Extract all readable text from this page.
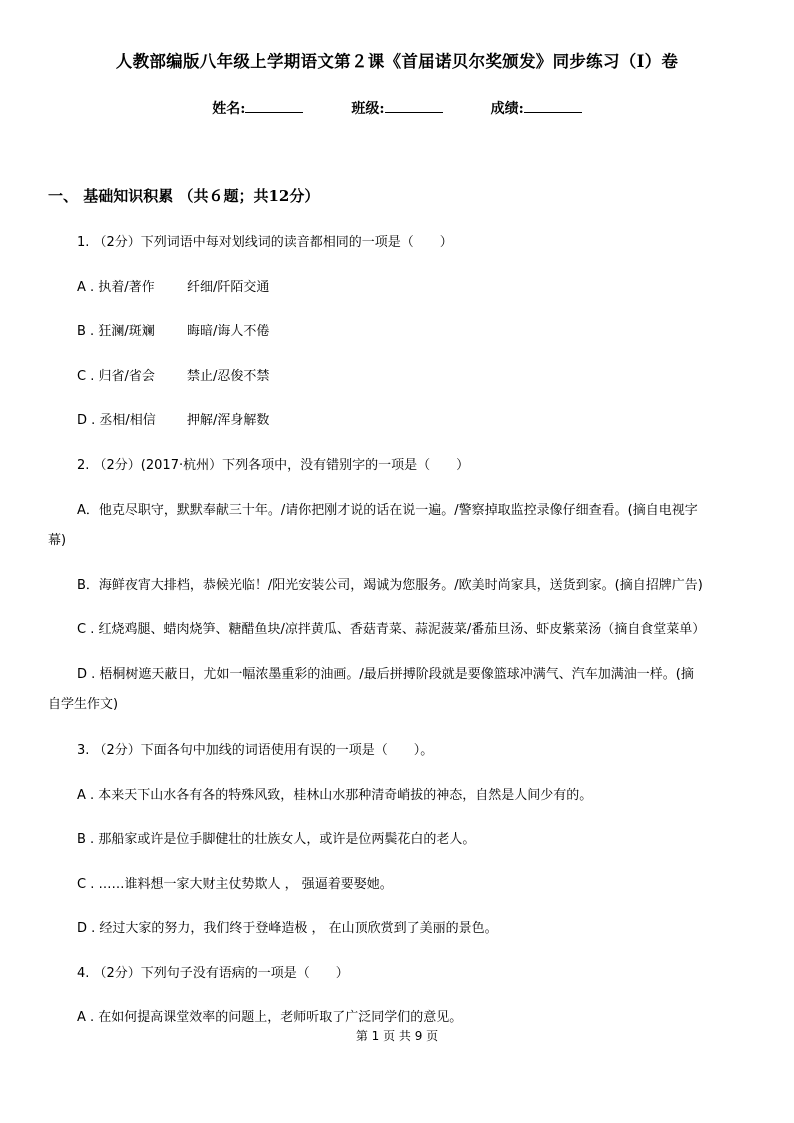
人教部编版八年级上学期语文第２课《首届诺贝尔奖颁发》同步练习（I）卷
姓名:	班级:	成绩:
一、 基础知识积累 （共６题；共12分）
1. （2分）下列词语中每对划线词的读音都相同的一项是（　　）
A . 执着/著作 纤细/阡陌交通
B . 狂澜/斑斓 晦暗/诲人不倦
C . 归省/省会 禁止/忍俊不禁
D . 丞相/相信 押解/浑身解数
2. （2分）(2017·杭州）下列各项中，没有错别字的一项是（　　）
A．他克尽职守，默默奉献三十年。/请你把刚才说的话在说一遍。/警察掉取监控录像仔细查看。(摘自电视字
幕)
B．海鲜夜宵大排档，恭候光临！/阳光安装公司，竭诚为您服务。/欧美时尚家具，送货到家。(摘自招牌广告)
C . 红烧鸡腿、蜡肉烧笋、糖醋鱼块/凉拌黄瓜、香菇青菜、蒜泥菠菜/番茄旦汤、虾皮紫菜汤（摘自食堂菜单）
D . 梧桐树遮天蔽日，尤如一幅浓墨重彩的油画。/最后拼搏阶段就是要像篮球冲满气、汽车加满油一样。(摘
自学生作文)
3. （2分）下面各句中加线的词语使用有误的一项是（　　）。
A . 本来天下山水各有各的特殊风致，桂林山水那种清奇峭拔的神态，自然是人间少有的。
B . 那船家或许是位手脚健壮的壮族女人，或许是位两鬓花白的老人。
C . ……谁料想一家大财主仗势欺人 ， 强逼着要娶她。
D . 经过大家的努力，我们终于登峰造极 ， 在山顶欣赏到了美丽的景色。
4. （2分）下列句子没有语病的一项是（　　）
A . 在如何提高课堂效率的问题上，老师听取了广泛同学们的意见。
第 1 页 共 9 页
